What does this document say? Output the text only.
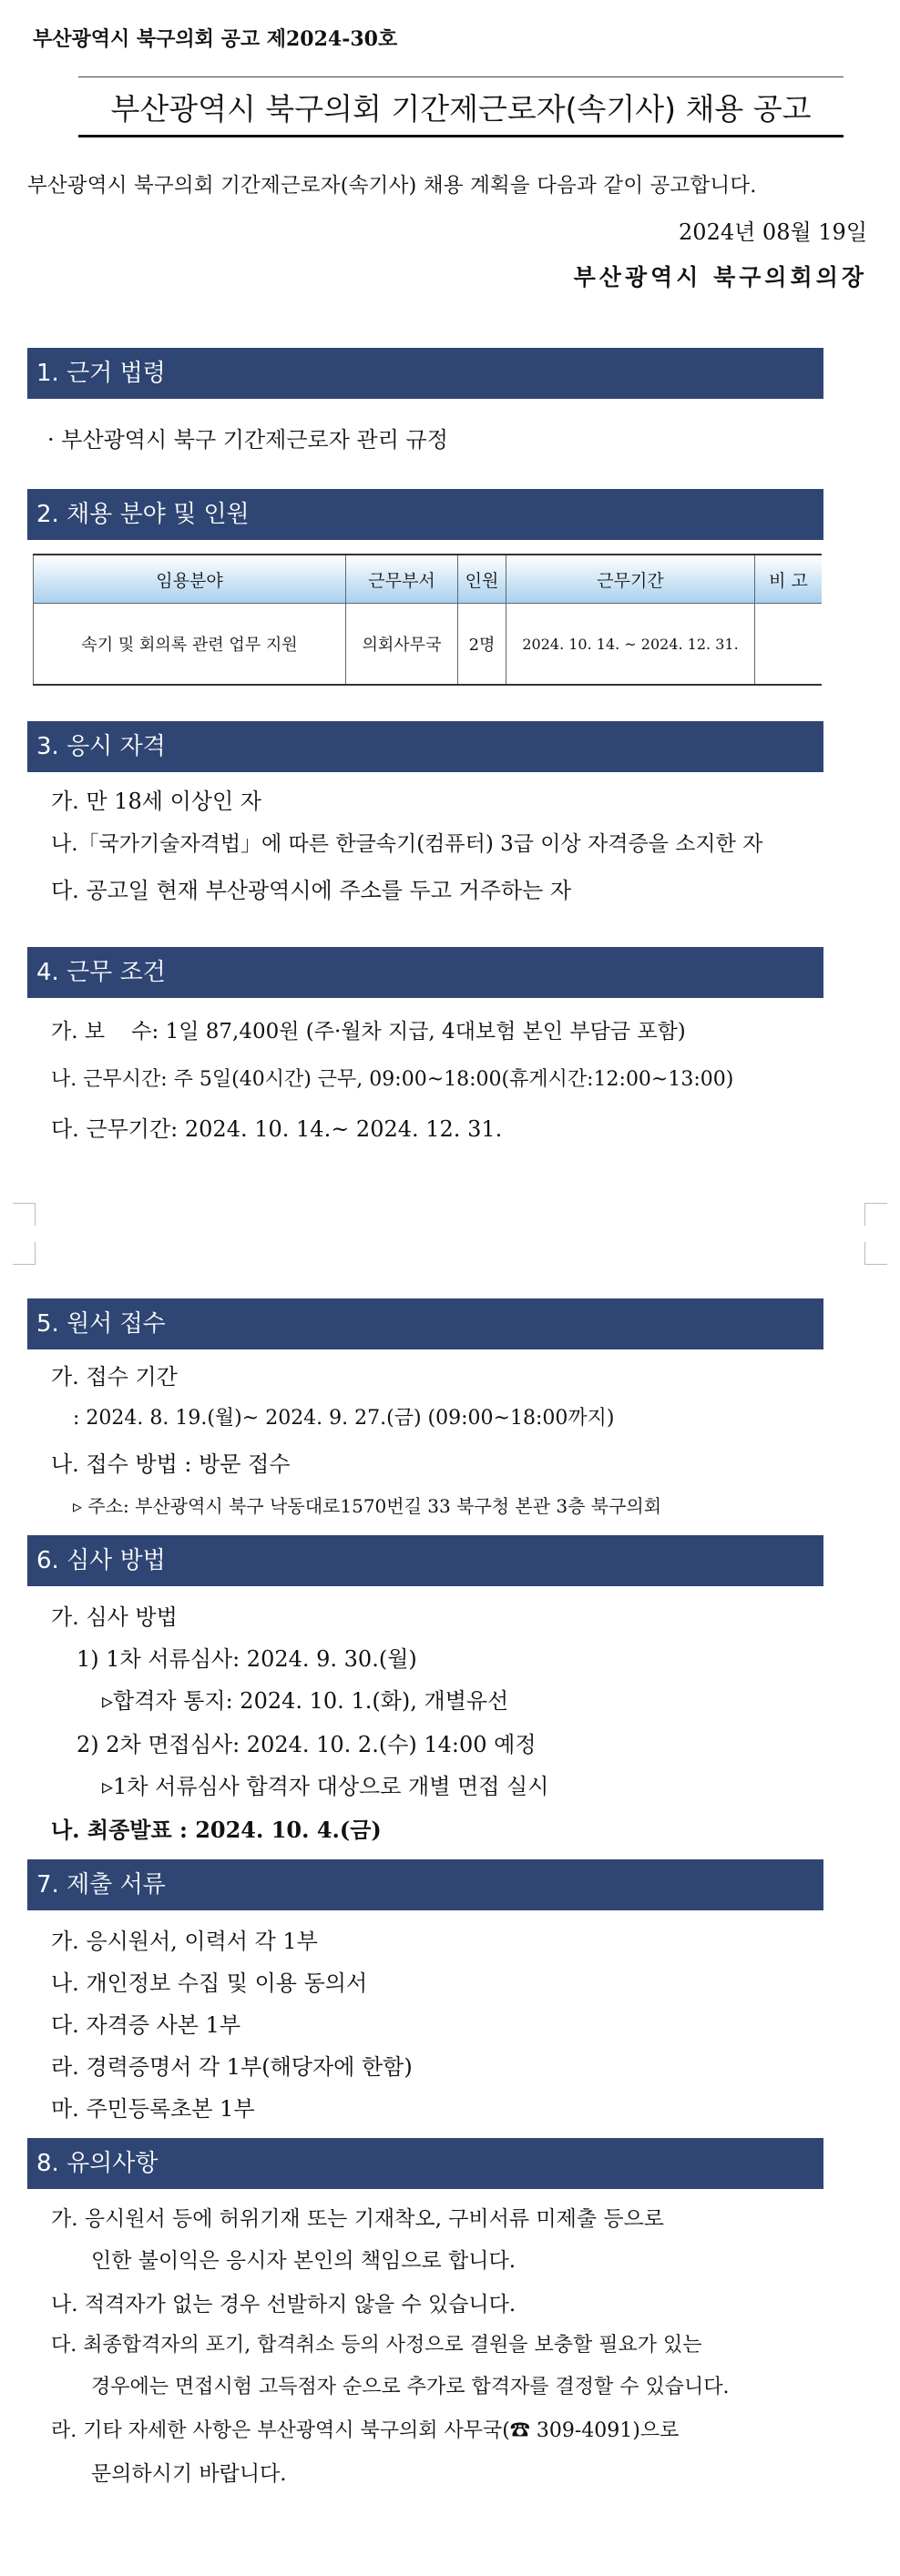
부산광역시 북구의회 공고 제2024-30호
부산광역시 북구의회 기간제근로자(속기사) 채용 공고
부산광역시 북구의회 기간제근로자(속기사) 채용 계획을 다음과 같이 공고합니다.
2024년 08월 19일
부산광역시 북구의회의장
1. 근거 법령
· 부산광역시 북구 기간제근로자 관리 규정
2. 채용 분야 및 인원
임용분야	근무부서	인원	근무기간	비 고
속기 및 회의록 관련 업무 지원	의회사무국	2명	2024. 10. 14. ~ 2024. 12. 31.	
3. 응시 자격
가. 만 18세 이상인 자
나.「국가기술자격법」에 따른 한글속기(컴퓨터) 3급 이상 자격증을 소지한 자
다. 공고일 현재 부산광역시에 주소를 두고 거주하는 자
4. 근무 조건
가. 보    수: 1일 87,400원 (주·월차 지급, 4대보험 본인 부담금 포함)
나. 근무시간: 주 5일(40시간) 근무, 09:00~18:00(휴게시간:12:00~13:00)
다. 근무기간: 2024. 10. 14.~ 2024. 12. 31.
5. 원서 접수
가. 접수 기간
: 2024. 8. 19.(월)~ 2024. 9. 27.(금) (09:00~18:00까지)
나. 접수 방법 : 방문 접수
▹ 주소: 부산광역시 북구 낙동대로1570번길 33 북구청 본관 3층 북구의회
6. 심사 방법
가. 심사 방법
1) 1차 서류심사: 2024. 9. 30.(월)
▹합격자 통지: 2024. 10. 1.(화), 개별유선
2) 2차 면접심사: 2024. 10. 2.(수) 14:00 예정
▹1차 서류심사 합격자 대상으로 개별 면접 실시
나. 최종발표 : 2024. 10. 4.(금)
7. 제출 서류
가. 응시원서, 이력서 각 1부
나. 개인정보 수집 및 이용 동의서
다. 자격증 사본 1부
라. 경력증명서 각 1부(해당자에 한함)
마. 주민등록초본 1부
8. 유의사항
가. 응시원서 등에 허위기재 또는 기재착오, 구비서류 미제출 등으로
인한 불이익은 응시자 본인의 책임으로 합니다.
나. 적격자가 없는 경우 선발하지 않을 수 있습니다.
다. 최종합격자의 포기, 합격취소 등의 사정으로 결원을 보충할 필요가 있는
경우에는 면접시험 고득점자 순으로 추가로 합격자를 결정할 수 있습니다.
라. 기타 자세한 사항은 부산광역시 북구의회 사무국(☎ 309-4091)으로
문의하시기 바랍니다.
